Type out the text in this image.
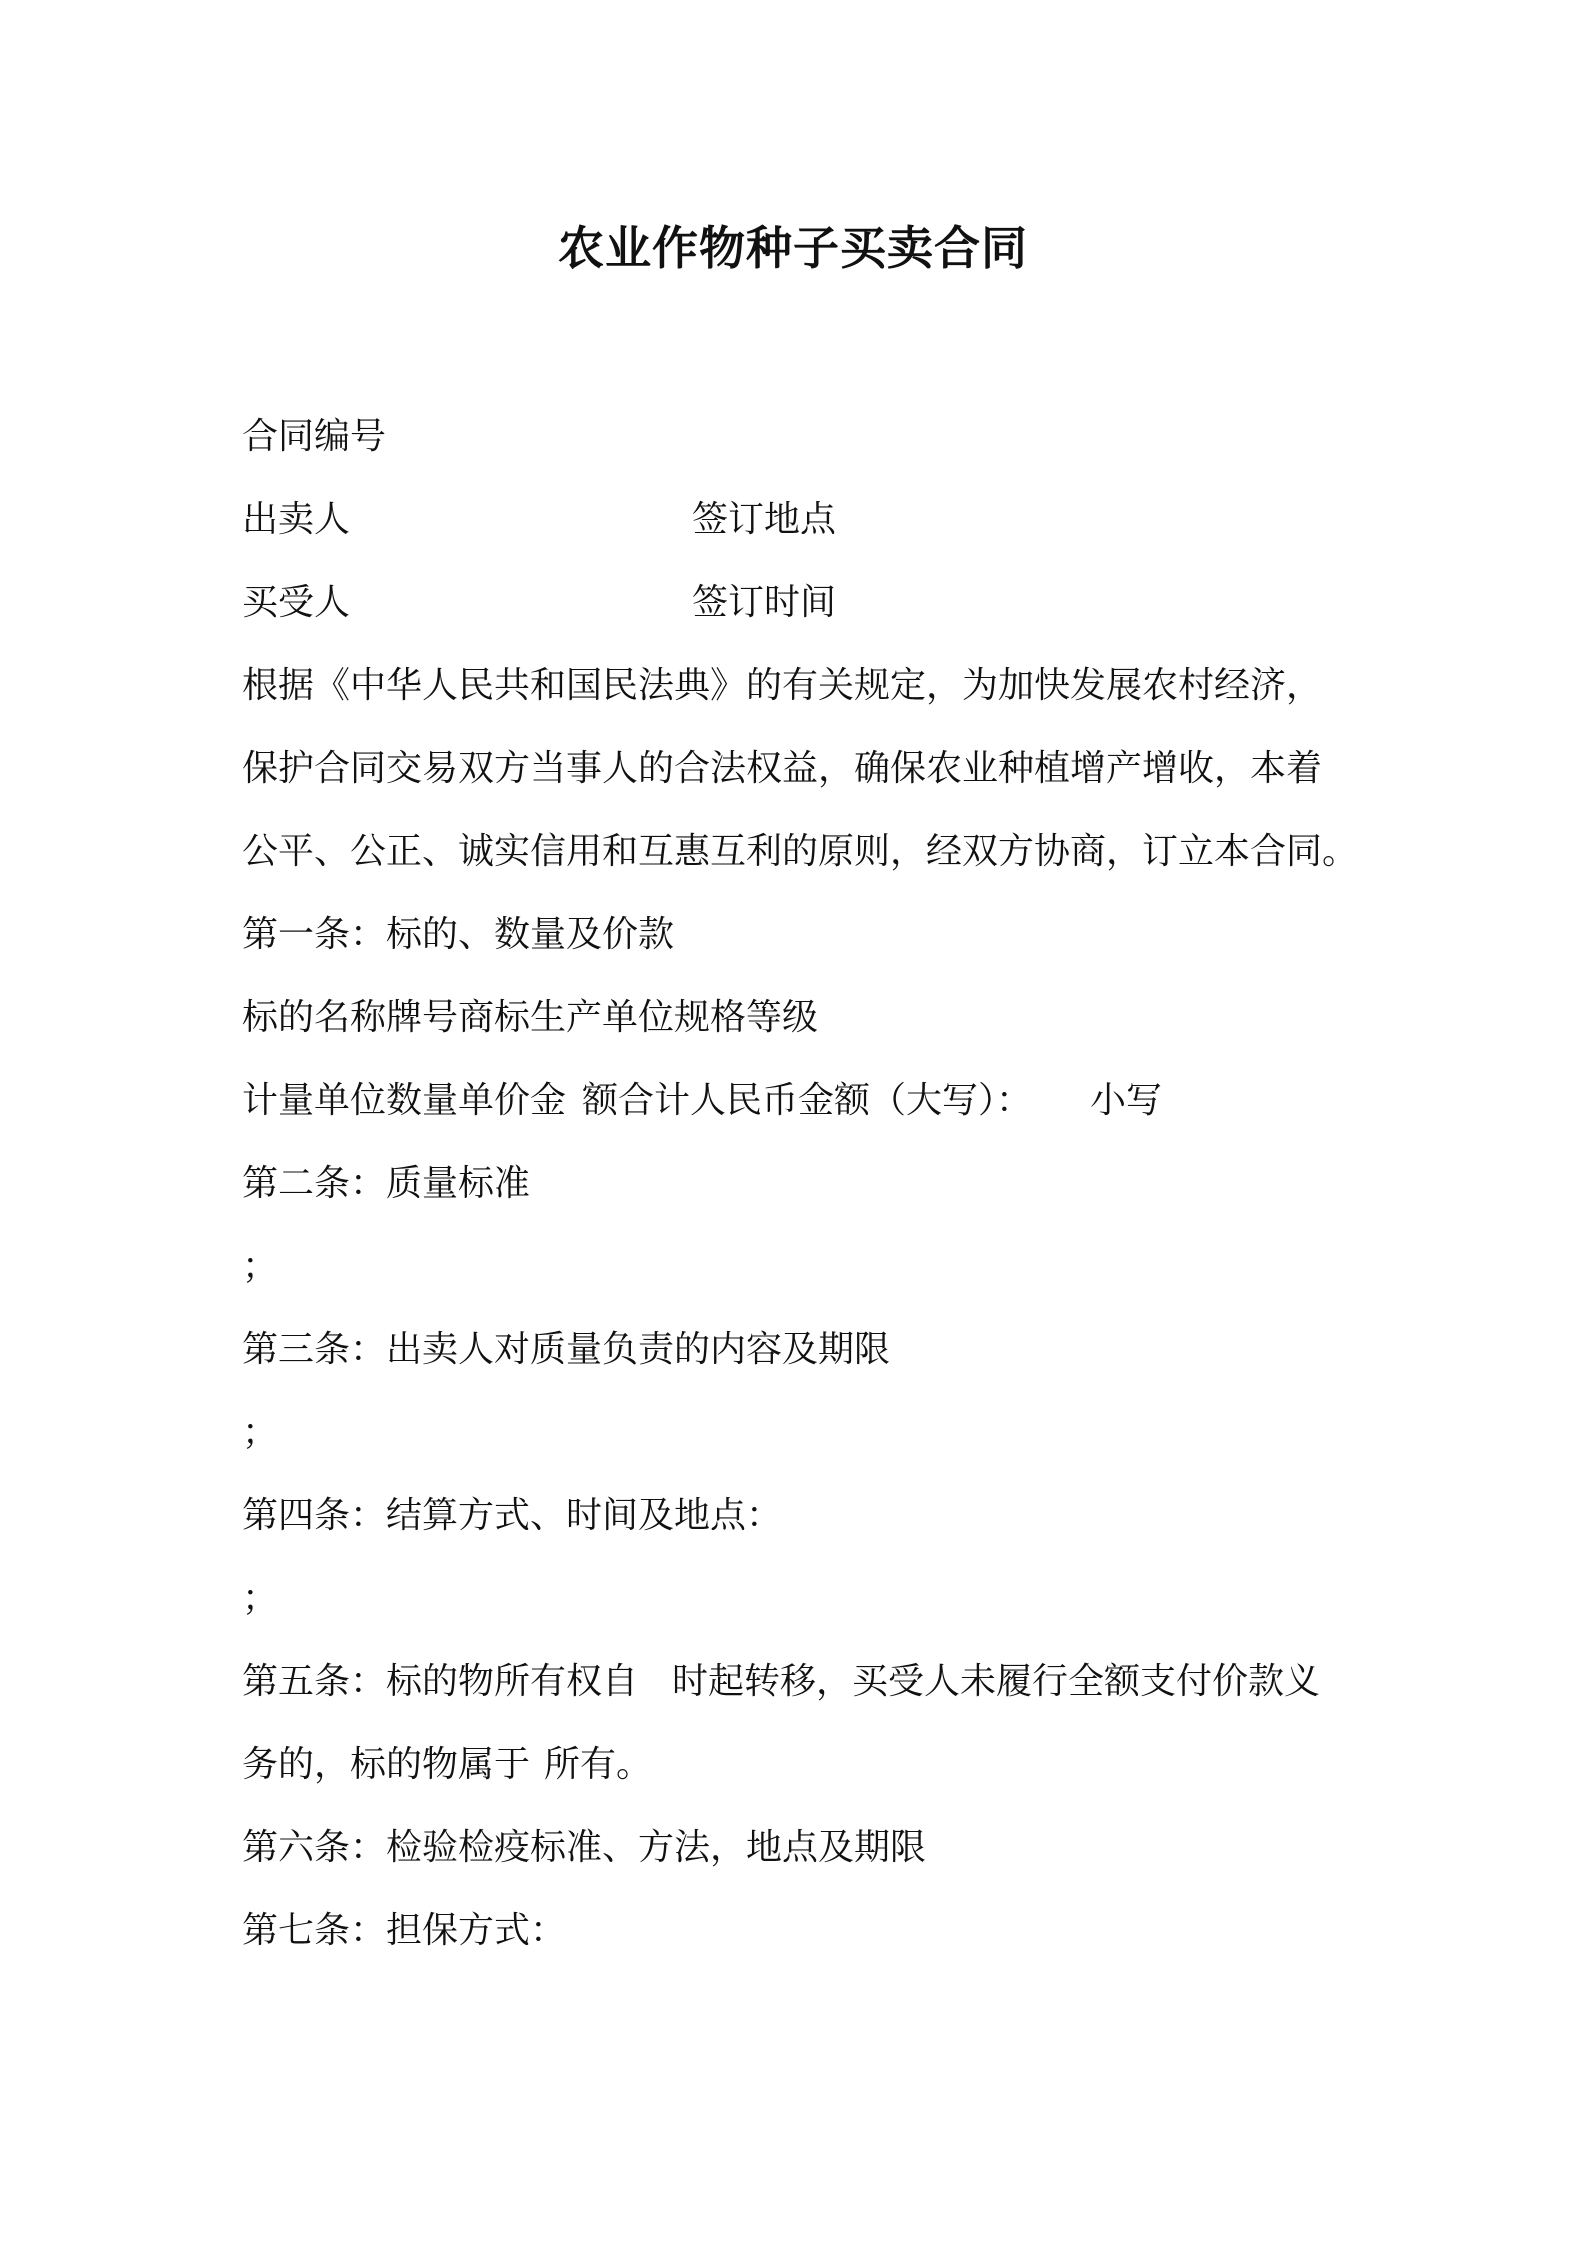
农业作物种子买卖合同
合同编号
出卖人	签订地点
买受人	签订时间
根据《中华人民共和国民法典》的有关规定，为加快发展农村经济，
保护合同交易双方当事人的合法权益，确保农业种植增产增收，本着
公平、公正、诚实信用和互惠互利的原则，经双方协商，订立本合同。
第一条：标的、数量及价款
标的名称牌号商标生产单位规格等级
计量单位数量单价金 额合计人民币金额（大写）： 小写
第二条：质量标准
；
第三条：出卖人对质量负责的内容及期限
；
第四条：结算方式、时间及地点：
；
第五条：标的物所有权自 时起转移，买受人未履行全额支付价款义
务的，标的物属于 所有。
第六条：检验检疫标准、方法，地点及期限
第七条：担保方式：
